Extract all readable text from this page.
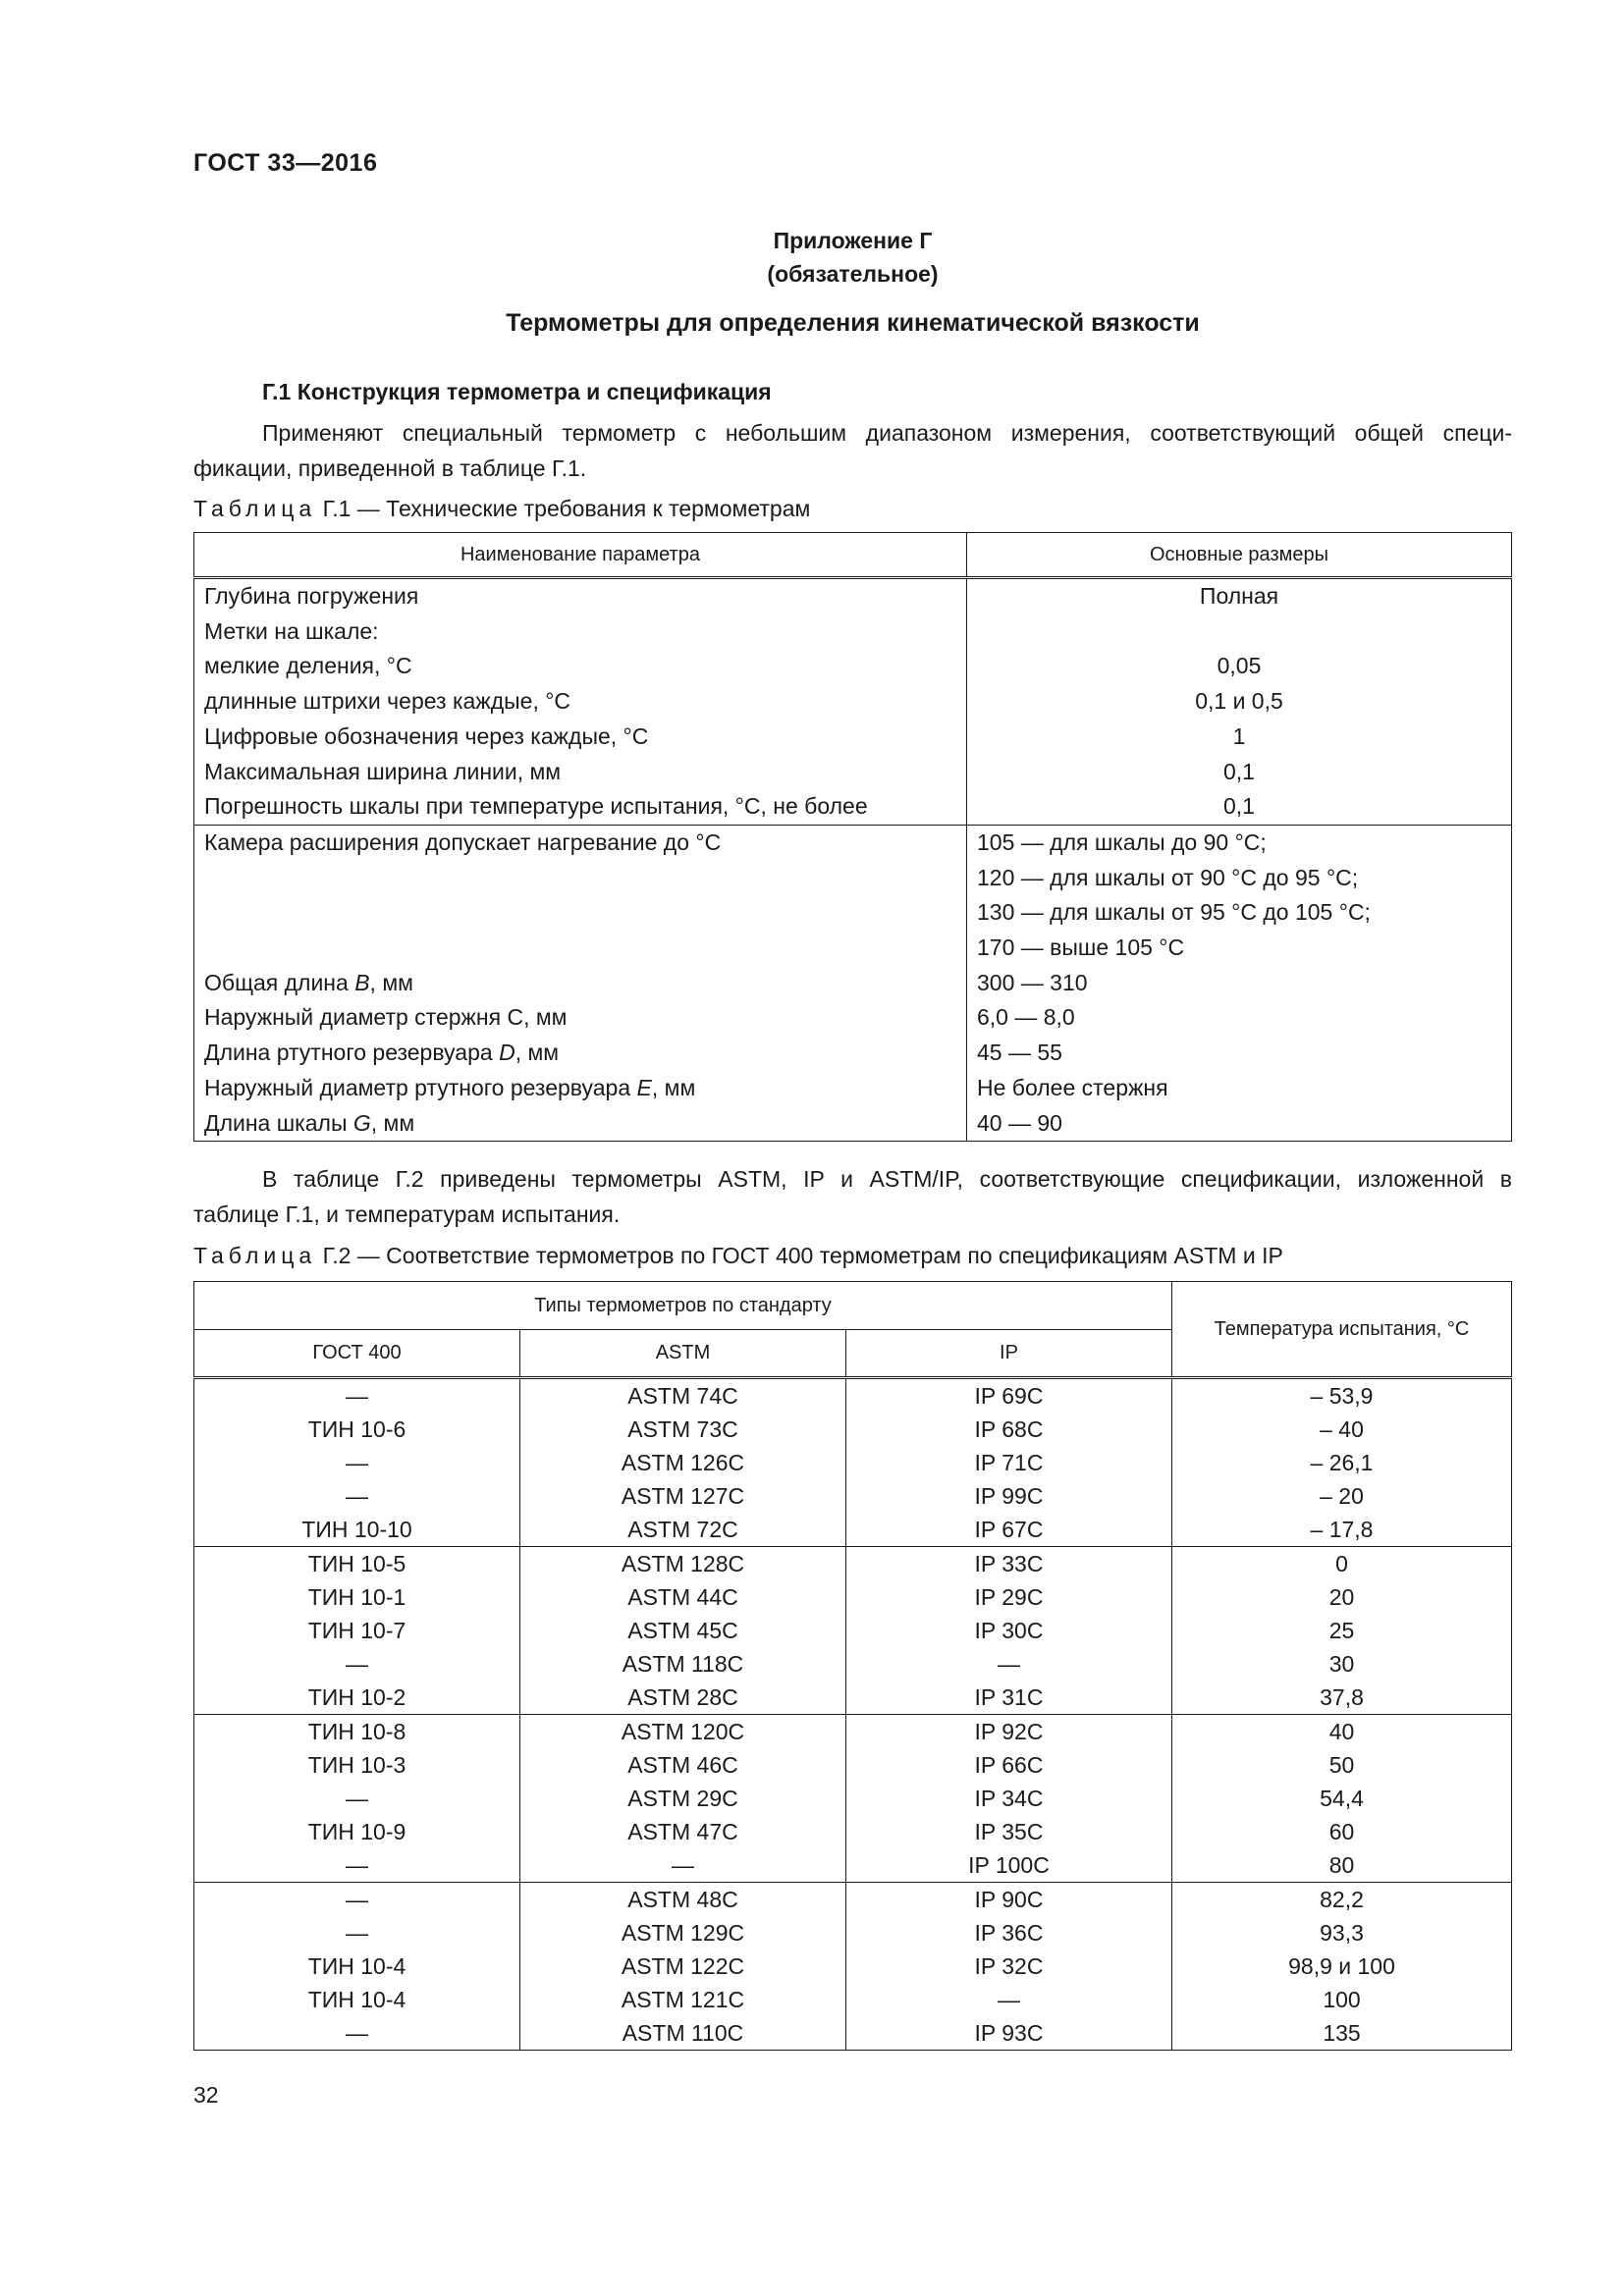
ГОСТ 33—2016
Приложение Г
(обязательное)
Термометры для определения кинематической вязкости
Г.1 Конструкция термометра и спецификация
Применяют специальный термометр с небольшим диапазоном измерения, соответствующий общей специ-
фикации, приведенной в таблице Г.1.
Таблица Г.1 — Технические требования к термометрам
Наименование параметра	Основные размеры
Глубина погружения	Полная
Метки на шкале:	
мелкие деления, °С	0,05
длинные штрихи через каждые, °С	0,1 и 0,5
Цифровые обозначения через каждые, °С	1
Максимальная ширина линии, мм	0,1
Погрешность шкалы при температуре испытания, °С, не более	0,1
Камера расширения допускает нагревание до °С	105 — для шкалы до 90 °С;
	120 — для шкалы от 90 °С до 95 °С;
	130 — для шкалы от 95 °С до 105 °С;
	170 — выше 105 °С
Общая длина B, мм	300 — 310
Наружный диаметр стержня С, мм	6,0 — 8,0
Длина ртутного резервуара D, мм	45 — 55
Наружный диаметр ртутного резервуара E, мм	Не более стержня
Длина шкалы G, мм	40 — 90
В таблице Г.2 приведены термометры ASTM, IP и ASTM/IP, соответствующие спецификации, изложенной в
таблице Г.1, и температурам испытания.
Таблица Г.2 — Соответствие термометров по ГОСТ 400 термометрам по спецификациям ASTM и IP
Типы термометров по стандарту			Температура испытания, °С
ГОСТ 400	ASTM	IP	
—	ASTM 74C	IP 69C	– 53,9
ТИН 10-6	ASTM 73C	IP 68C	– 40
—	ASTM 126C	IP 71C	– 26,1
—	ASTM 127C	IP 99C	– 20
ТИН 10-10	ASTM 72C	IP 67C	– 17,8
ТИН 10-5	ASTM 128C	IP 33C	0
ТИН 10-1	ASTM 44C	IP 29C	20
ТИН 10-7	ASTM 45C	IP 30C	25
—	ASTM 118C	—	30
ТИН 10-2	ASTM 28C	IP 31C	37,8
ТИН 10-8	ASTM 120C	IP 92C	40
ТИН 10-3	ASTM 46C	IP 66C	50
—	ASTM 29C	IP 34C	54,4
ТИН 10-9	ASTM 47C	IP 35C	60
—	—	IP 100C	80
—	ASTM 48C	IP 90C	82,2
—	ASTM 129C	IP 36C	93,3
ТИН 10-4	ASTM 122C	IP 32C	98,9 и 100
ТИН 10-4	ASTM 121C	—	100
—	ASTM 110C	IP 93C	135
32
